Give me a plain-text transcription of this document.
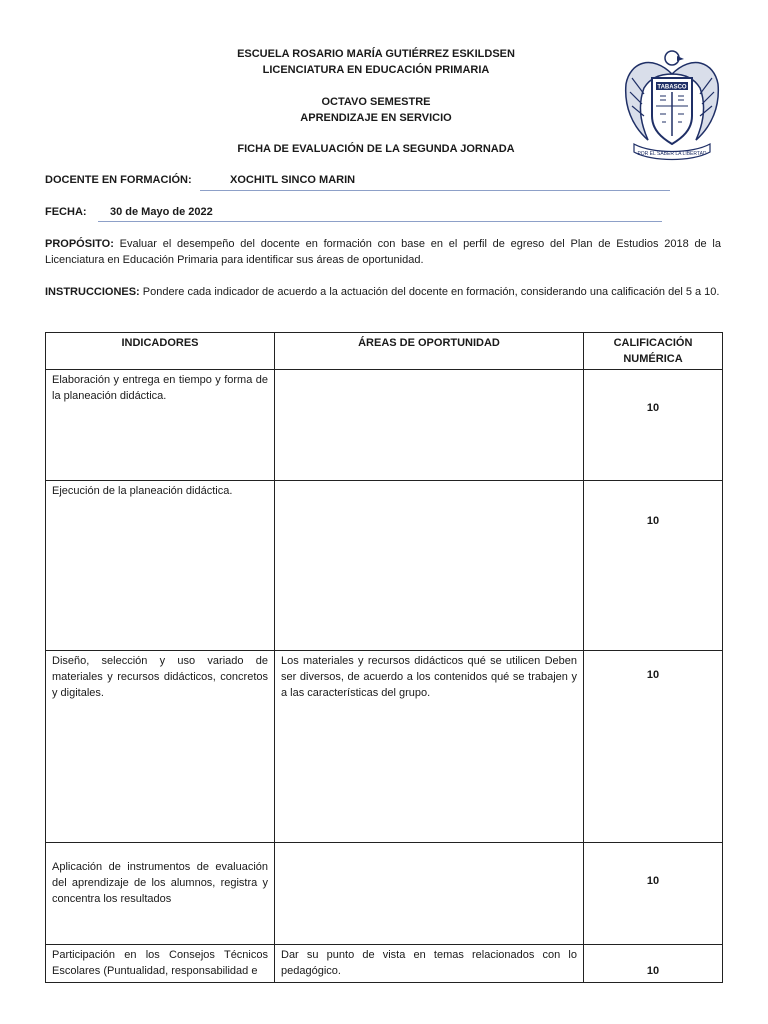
ESCUELA ROSARIO MARÍA GUTIÉRREZ ESKILDSEN
LICENCIATURA EN EDUCACIÓN PRIMARIA
OCTAVO SEMESTRE
APRENDIZAJE EN SERVICIO
FICHA DE EVALUACIÓN DE LA SEGUNDA JORNADA
TABASCO
POR EL SABER LA LIBERTAD
DOCENTE EN FORMACIÓN:	XOCHITL SINCO MARIN
FECHA: 30 de Mayo de 2022
PROPÓSITO: Evaluar el desempeño del docente en formación con base en el perfil de egreso del Plan de Estudios 2018 de la Licenciatura en Educación Primaria para identificar sus áreas de oportunidad.
INSTRUCCIONES: Pondere cada indicador de acuerdo a la actuación del docente en formación, considerando una calificación del 5 a 10.
INDICADORES	ÁREAS DE OPORTUNIDAD	CALIFICACIÓN
NUMÉRICA

Elaboración y entrega en tiempo y forma de la planeación didáctica.		10

Ejecución de la planeación didáctica.		10

Diseño, selección y uso variado de materiales y recursos didácticos, concretos y digitales.	Los materiales y recursos didácticos qué se utilicen Deben ser diversos, de acuerdo a los contenidos qué se trabajen y a las características del grupo.	10

Aplicación de instrumentos de evaluación del aprendizaje de los alumnos, registra y concentra los resultados		10

Participación en los Consejos Técnicos Escolares (Puntualidad, responsabilidad e	Dar su punto de vista en temas relacionados con lo pedagógico.	10
